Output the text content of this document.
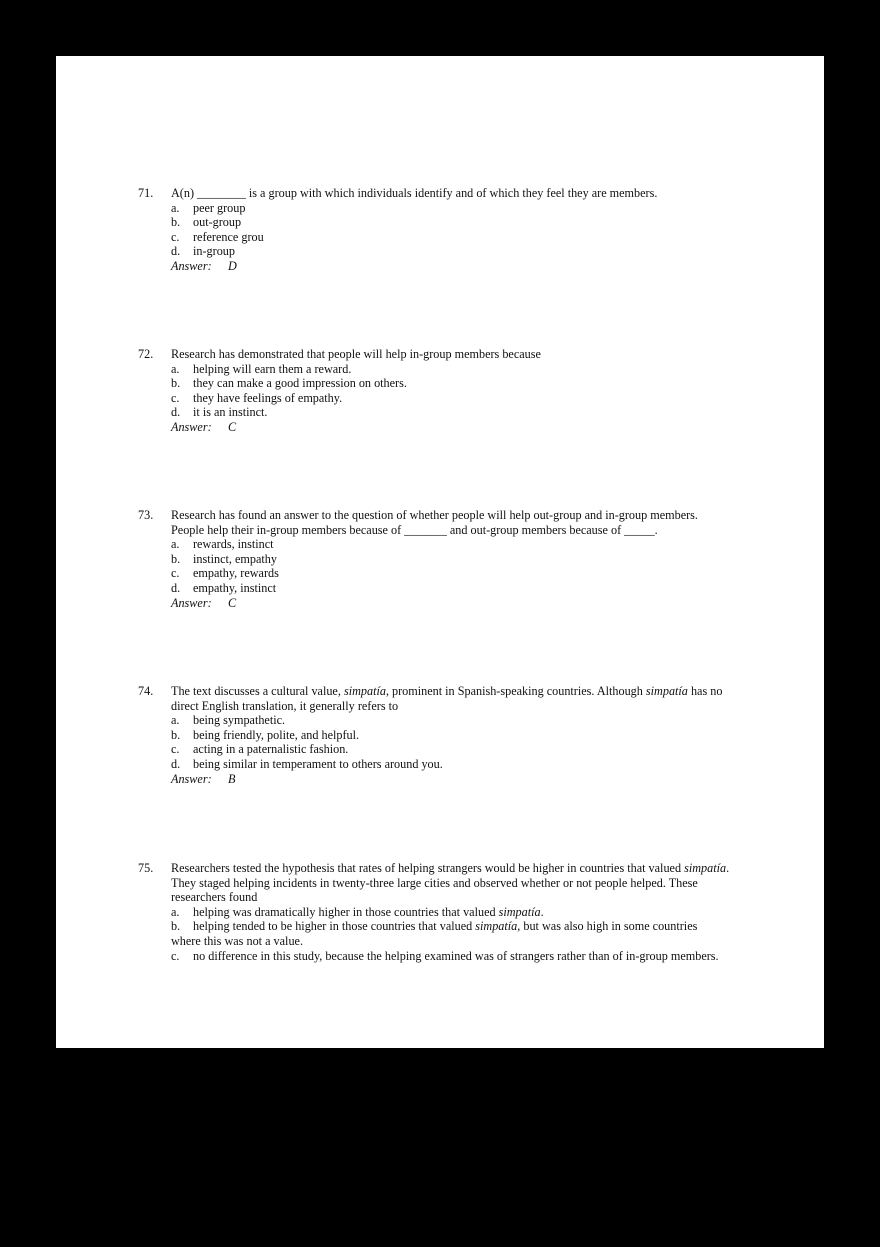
71. A(n) ________ is a group with which individuals identify and of which they feel they are members.
a. peer group
b. out-group
c. reference grou
d. in-group
Answer: D
72. Research has demonstrated that people will help in-group members because
a. helping will earn them a reward.
b. they can make a good impression on others.
c. they have feelings of empathy.
d. it is an instinct.
Answer: C
73. Research has found an answer to the question of whether people will help out-group and in-group members.
People help their in-group members because of _______ and out-group members because of _____.
a. rewards, instinct
b. instinct, empathy
c. empathy, rewards
d. empathy, instinct
Answer: C
74. The text discusses a cultural value, simpatía, prominent in Spanish-speaking countries. Although simpatía has no direct English translation, it generally refers to
a. being sympathetic.
b. being friendly, polite, and helpful.
c. acting in a paternalistic fashion.
d. being similar in temperament to others around you.
Answer: B
75. Researchers tested the hypothesis that rates of helping strangers would be higher in countries that valued simpatía. They staged helping incidents in twenty-three large cities and observed whether or not people helped. These researchers found
a. helping was dramatically higher in those countries that valued simpatía.
b. helping tended to be higher in those countries that valued simpatía, but was also high in some countries where this was not a value.
c. no difference in this study, because the helping examined was of strangers rather than of in-group members.
